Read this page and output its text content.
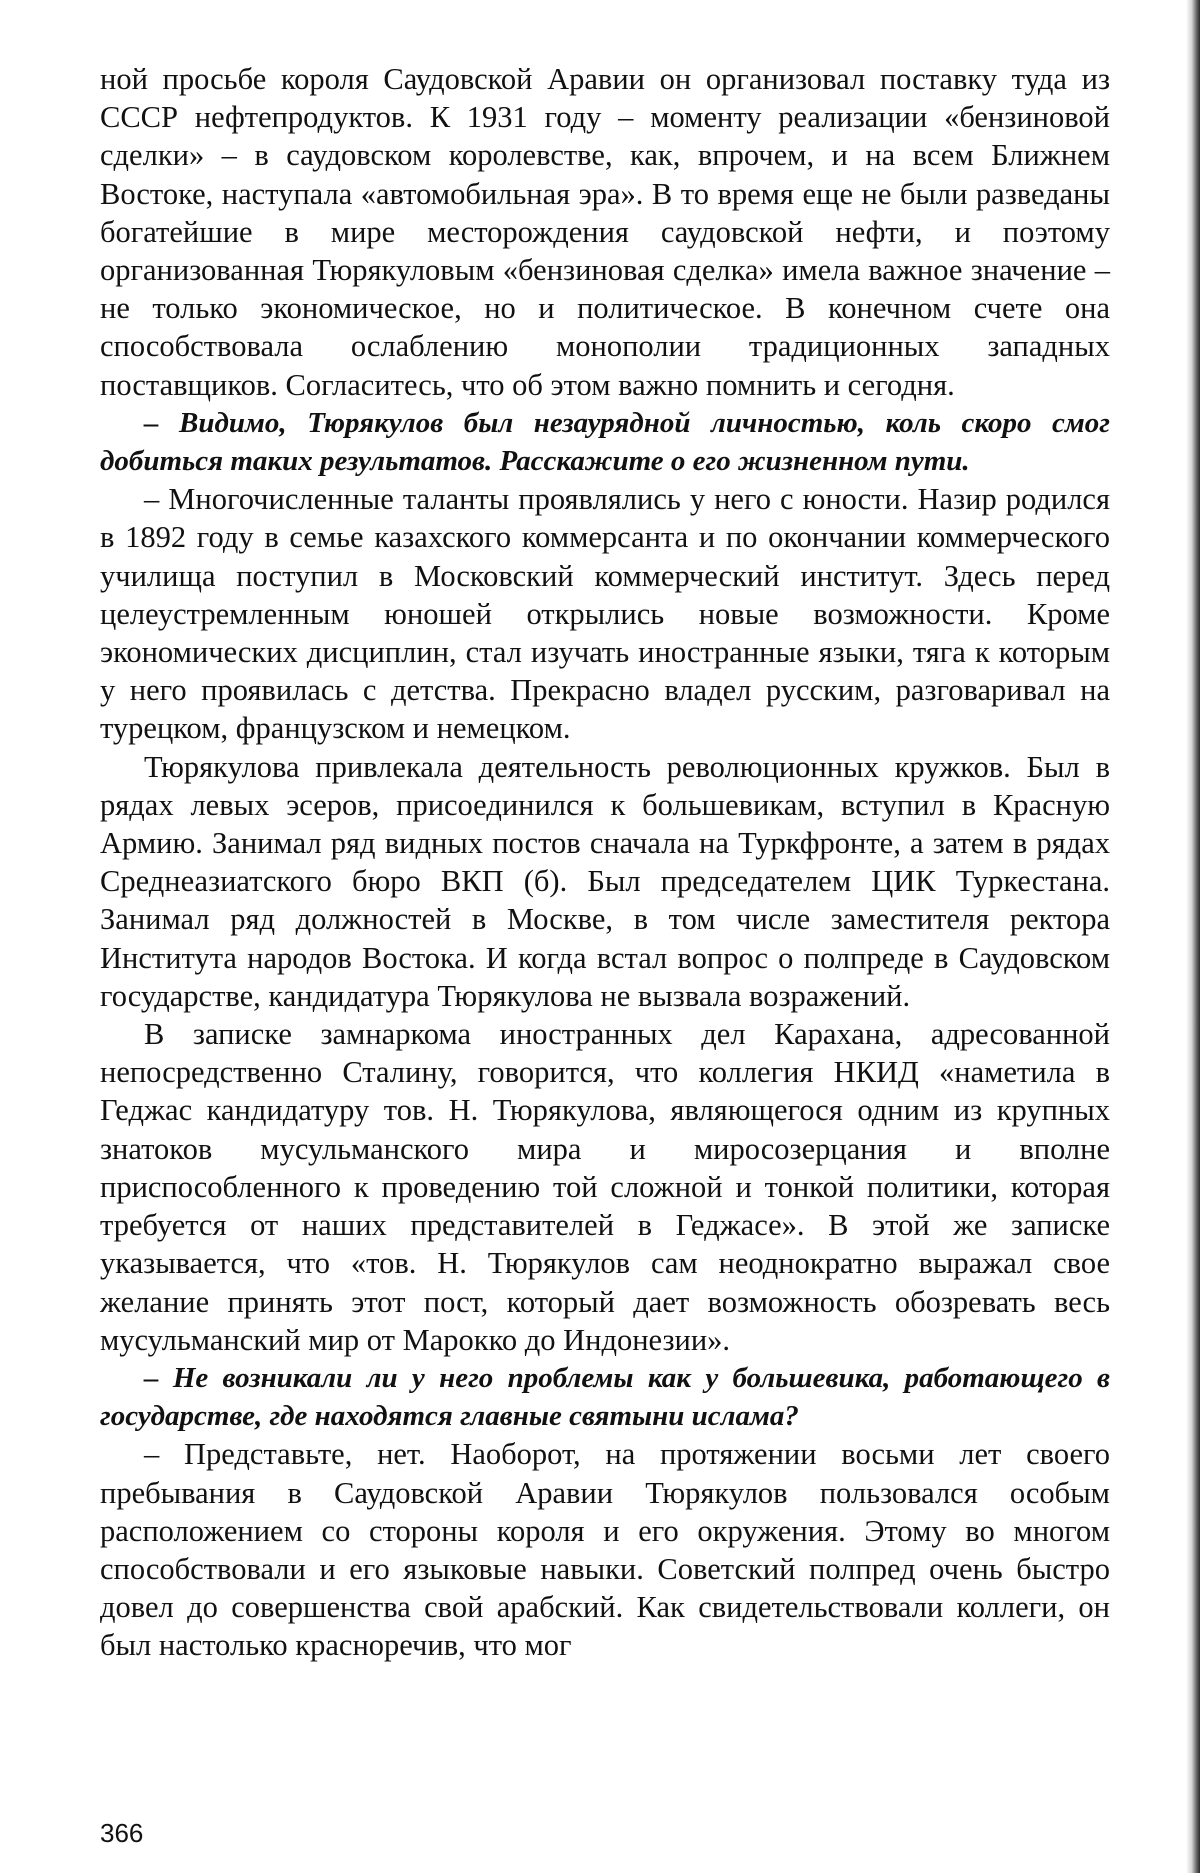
ной просьбе короля Саудовской Аравии он организовал поставку туда из СССР нефтепродуктов. К 1931 году – моменту реализации «бензиновой сделки» – в саудовском королевстве, как, впрочем, и на всем Ближнем Востоке, наступала «автомобильная эра». В то время еще не были разведаны богатейшие в мире месторождения саудовской нефти, и поэтому организованная Тюрякуловым «бензиновая сделка» имела важное значение – не только экономическое, но и политическое. В конечном счете она способствовала ослаблению монополии традиционных западных поставщиков. Согласитесь, что об этом важно помнить и сегодня.

– Видимо, Тюрякулов был незаурядной личностью, коль скоро смог добиться таких результатов. Расскажите о его жизненном пути.

– Многочисленные таланты проявлялись у него с юности. Назир родился в 1892 году в семье казахского коммерсанта и по окончании коммерческого училища поступил в Московский коммерческий институт. Здесь перед целеустремленным юношей открылись новые возможности. Кроме экономических дисциплин, стал изучать иностранные языки, тяга к которым у него проявилась с детства. Прекрасно владел русским, разговаривал на турецком, французском и немецком.

Тюрякулова привлекала деятельность революционных кружков. Был в рядах левых эсеров, присоединился к большевикам, вступил в Красную Армию. Занимал ряд видных постов сначала на Туркфронте, а затем в рядах Среднеазиатского бюро ВКП (б). Был председателем ЦИК Туркестана. Занимал ряд должностей в Москве, в том числе заместителя ректора Института народов Востока. И когда встал вопрос о полпреде в Саудовском государстве, кандидатура Тюрякулова не вызвала возражений.

В записке замнаркома иностранных дел Карахана, адресованной непосредственно Сталину, говорится, что коллегия НКИД «наметила в Геджас кандидатуру тов. Н. Тюрякулова, являющегося одним из крупных знатоков мусульманского мира и миросозерцания и вполне приспособленного к проведению той сложной и тонкой политики, которая требуется от наших представителей в Геджасе». В этой же записке указывается, что «тов. Н. Тюрякулов сам неоднократно выражал свое желание принять этот пост, который дает возможность обозревать весь мусульманский мир от Марокко до Индонезии».

– Не возникали ли у него проблемы как у большевика, работающего в государстве, где находятся главные святыни ислама?

– Представьте, нет. Наоборот, на протяжении восьми лет своего пребывания в Саудовской Аравии Тюрякулов пользовался особым расположением со стороны короля и его окружения. Этому во многом способствовали и его языковые навыки. Советский полпред очень быстро довел до совершенства свой арабский. Как свидетельствовали коллеги, он был настолько красноречив, что мог

366
